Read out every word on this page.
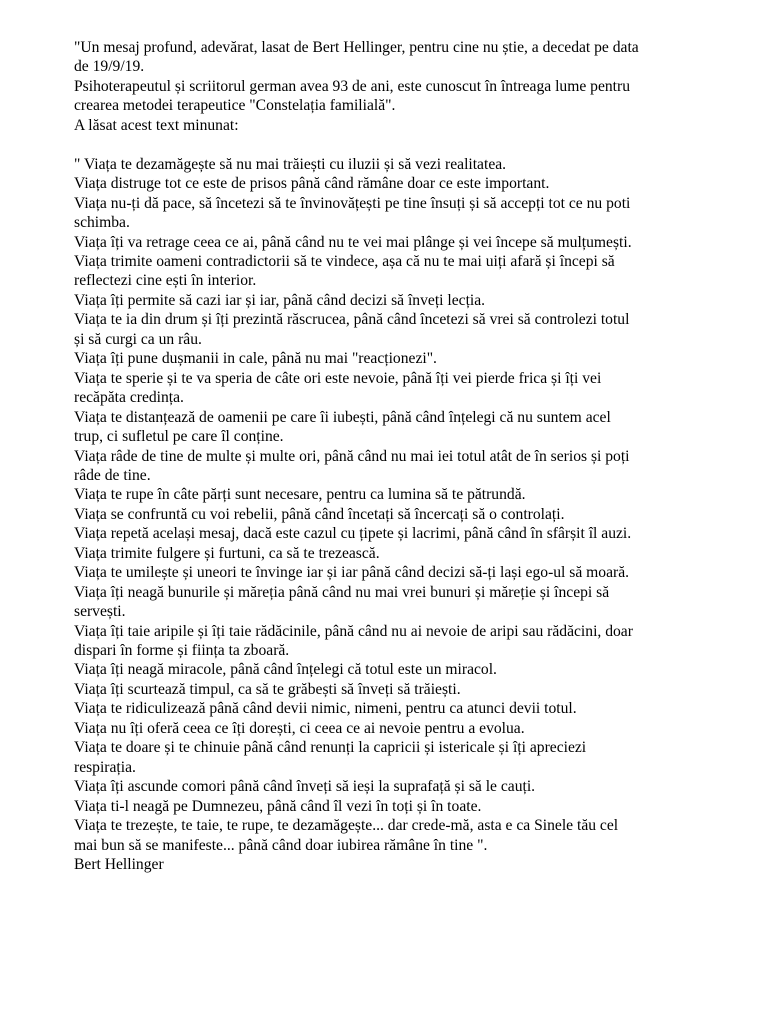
"Un mesaj profund, adevărat, lasat de Bert Hellinger, pentru cine nu știe, a decedat pe data
de 19/9/19.
Psihoterapeutul și scriitorul german avea 93 de ani, este cunoscut în întreaga lume pentru
crearea metodei terapeutice "Constelația familială".
A lăsat acest text minunat:
" Viața te dezamăgește să nu mai trăiești cu iluzii și să vezi realitatea.
Viața distruge tot ce este de prisos până când rămâne doar ce este important.
Viața nu-ți dă pace, să încetezi să te învinovățești pe tine însuți și să accepți tot ce nu poti
schimba.
Viața îți va retrage ceea ce ai, până când nu te vei mai plânge și vei începe să mulțumești.
Viața trimite oameni contradictorii să te vindece, așa că nu te mai uiți afară și începi să
reflectezi cine ești în interior.
Viața îți permite să cazi iar și iar, până când decizi să înveți lecția.
Viața te ia din drum și îți prezintă răscrucea, până când încetezi să vrei să controlezi totul
și să curgi ca un râu.
Viața îți pune dușmanii in cale, până nu mai "reacționezi".
Viața te sperie și te va speria de câte ori este nevoie, până îți vei pierde frica și îți vei
recăpăta credința.
Viața te distanțează de oamenii pe care îi iubești, până când înțelegi că nu suntem acel
trup, ci sufletul pe care îl conține.
Viața râde de tine de multe și multe ori, până când nu mai iei totul atât de în serios și poți
râde de tine.
Viața te rupe în câte părți sunt necesare, pentru ca lumina să te pătrundă.
Viața se confruntă cu voi rebelii, până când încetați să încercați să o controlați.
Viața repetă același mesaj, dacă este cazul cu țipete și lacrimi, până când în sfârșit îl auzi.
Viața trimite fulgere și furtuni, ca să te trezească.
Viața te umilește și uneori te învinge iar și iar până când decizi să-ți lași ego-ul să moară.
Viața îți neagă bunurile și măreția până când nu mai vrei bunuri și măreție și începi să
servești.
Viața îți taie aripile și îți taie rădăcinile, până când nu ai nevoie de aripi sau rădăcini, doar
dispari în forme și ființa ta zboară.
Viața îți neagă miracole, până când înțelegi că totul este un miracol.
Viața îți scurtează timpul, ca să te grăbești să înveți să trăiești.
Viața te ridiculizează până când devii nimic, nimeni, pentru ca atunci devii totul.
Viața nu îți oferă ceea ce îți dorești, ci ceea ce ai nevoie pentru a evolua.
Viața te doare și te chinuie până când renunți la capricii și istericale și îți apreciezi
respirația.
Viața îți ascunde comori până când înveți să ieși la suprafață și să le cauți.
Viața ti-l neagă pe Dumnezeu, până când îl vezi în toți și în toate.
Viața te trezește, te taie, te rupe, te dezamăgește... dar crede-mă, asta e ca Sinele tău cel
mai bun să se manifeste... până când doar iubirea rămâne în tine ".
Bert Hellinger
